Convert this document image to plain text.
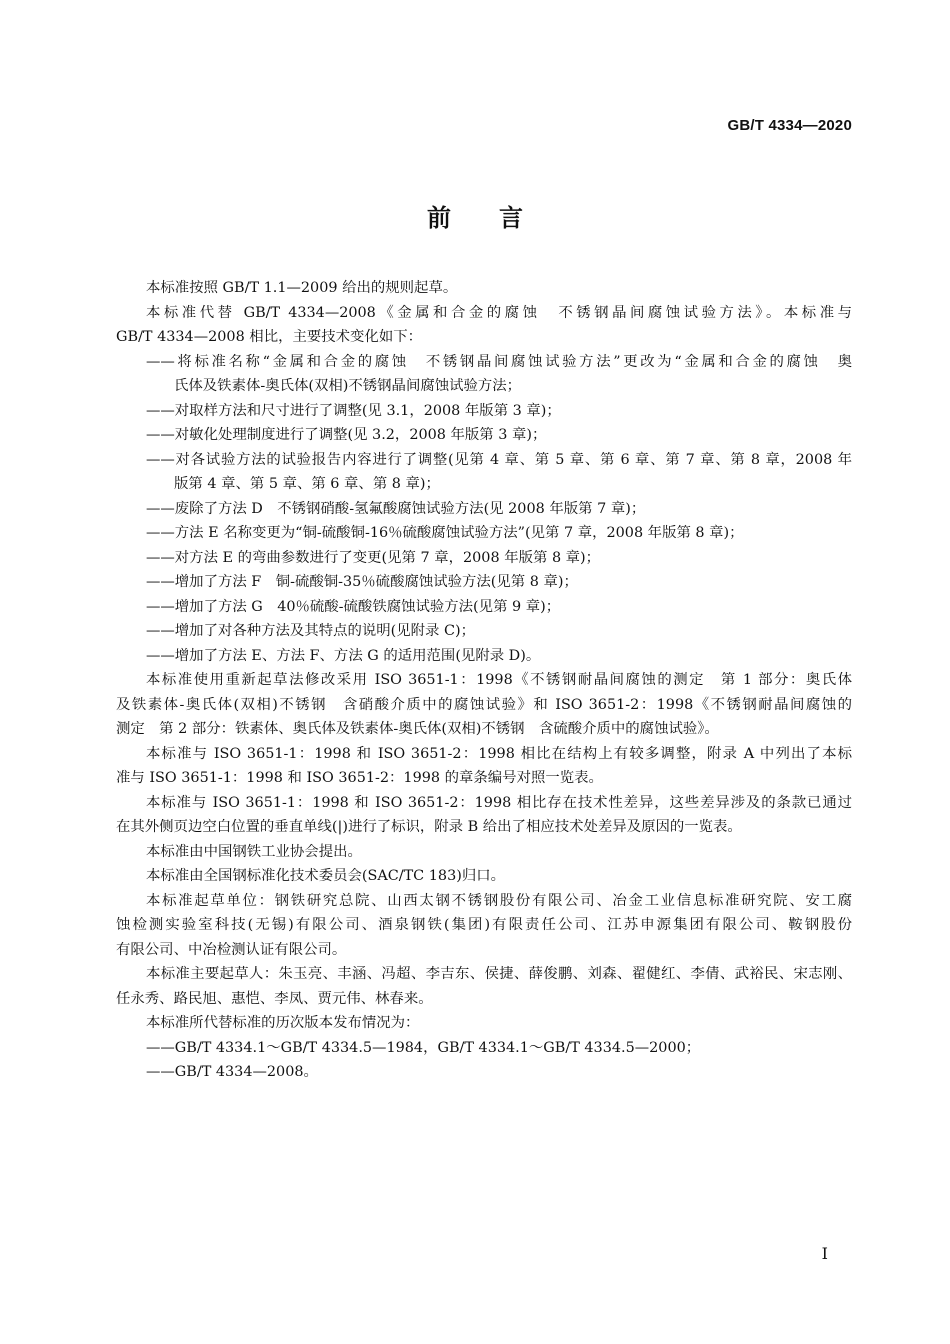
GB/T 4334—2020
前言
本标准按照 GB/T 1.1—2009 给出的规则起草。
本标准代替 GB/T 4334—2008《金属和合金的腐蚀　不锈钢晶间腐蚀试验方法》。本标准与
GB/T 4334—2008 相比，主要技术变化如下：
——将标准名称“金属和合金的腐蚀　不锈钢晶间腐蚀试验方法”更改为“金属和合金的腐蚀　奥
氏体及铁素体-奥氏体(双相)不锈钢晶间腐蚀试验方法；
——对取样方法和尺寸进行了调整(见 3.1，2008 年版第 3 章)；
——对敏化处理制度进行了调整(见 3.2，2008 年版第 3 章)；
——对各试验方法的试验报告内容进行了调整(见第 4 章、第 5 章、第 6 章、第 7 章、第 8 章，2008 年
版第 4 章、第 5 章、第 6 章、第 8 章)；
——废除了方法 D　不锈钢硝酸-氢氟酸腐蚀试验方法(见 2008 年版第 7 章)；
——方法 E 名称变更为“铜-硫酸铜-16％硫酸腐蚀试验方法”(见第 7 章，2008 年版第 8 章)；
——对方法 E 的弯曲参数进行了变更(见第 7 章，2008 年版第 8 章)；
——增加了方法 F　铜-硫酸铜-35％硫酸腐蚀试验方法(见第 8 章)；
——增加了方法 G　40％硫酸-硫酸铁腐蚀试验方法(见第 9 章)；
——增加了对各种方法及其特点的说明(见附录 C)；
——增加了方法 E、方法 F、方法 G 的适用范围(见附录 D)。
本标准使用重新起草法修改采用 ISO 3651-1：1998《不锈钢耐晶间腐蚀的测定　第 1 部分：奥氏体
及铁素体-奥氏体(双相)不锈钢　含硝酸介质中的腐蚀试验》和 ISO 3651-2：1998《不锈钢耐晶间腐蚀的
测定　第 2 部分：铁素体、奥氏体及铁素体-奥氏体(双相)不锈钢　含硫酸介质中的腐蚀试验》。
本标准与 ISO 3651-1：1998 和 ISO 3651-2：1998 相比在结构上有较多调整，附录 A 中列出了本标
准与 ISO 3651-1：1998 和 ISO 3651-2：1998 的章条编号对照一览表。
本标准与 ISO 3651-1：1998 和 ISO 3651-2：1998 相比存在技术性差异，这些差异涉及的条款已通过
在其外侧页边空白位置的垂直单线(|)进行了标识，附录 B 给出了相应技术处差异及原因的一览表。
本标准由中国钢铁工业协会提出。
本标准由全国钢标准化技术委员会(SAC/TC 183)归口。
本标准起草单位：钢铁研究总院、山西太钢不锈钢股份有限公司、冶金工业信息标准研究院、安工腐
蚀检测实验室科技(无锡)有限公司、酒泉钢铁(集团)有限责任公司、江苏申源集团有限公司、鞍钢股份
有限公司、中冶检测认证有限公司。
本标准主要起草人：朱玉亮、丰涵、冯超、李吉东、侯捷、薛俊鹏、刘森、翟健红、李倩、武裕民、宋志刚、
任永秀、路民旭、惠恺、李凤、贾元伟、林春来。
本标准所代替标准的历次版本发布情况为：
——GB/T 4334.1～GB/T 4334.5—1984，GB/T 4334.1～GB/T 4334.5—2000；
——GB/T 4334—2008。
I
